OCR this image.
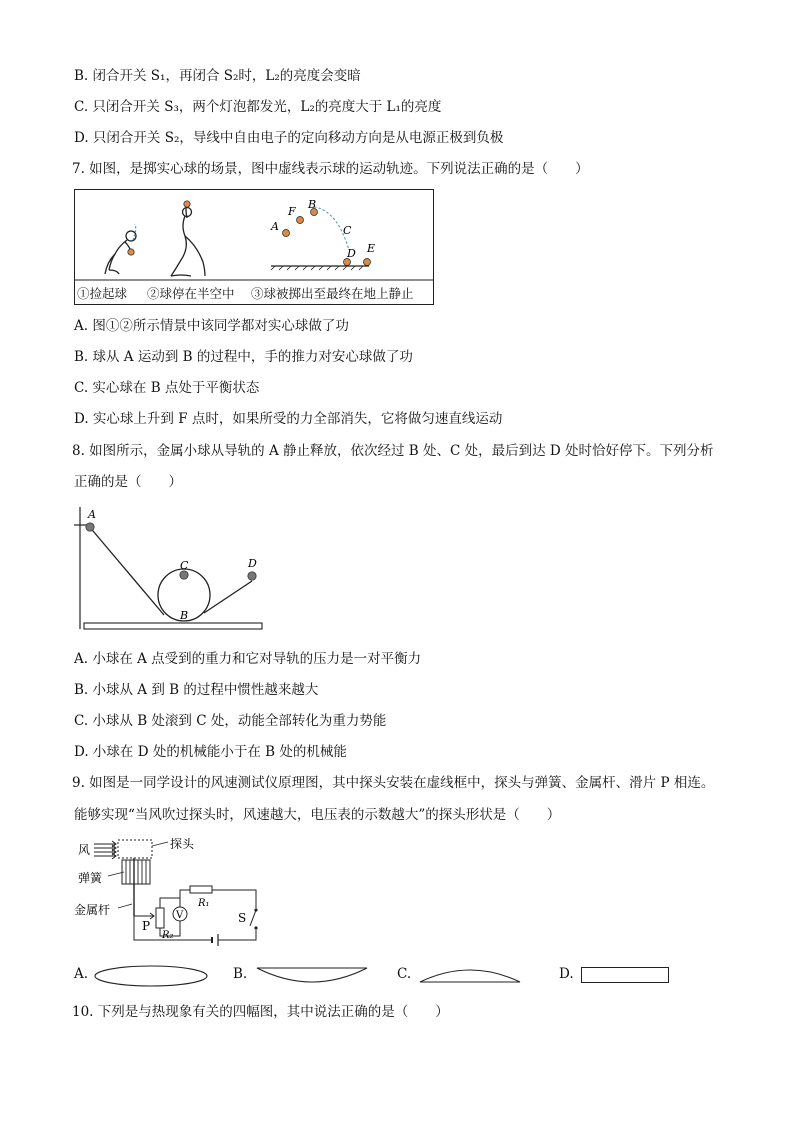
B. 闭合开关 S₁，再闭合 S₂时，L₂的亮度会变暗
C. 只闭合开关 S₃，两个灯泡都发光，L₂的亮度大于 L₁的亮度
D. 只闭合开关 S₂，导线中自由电子的定向移动方向是从电源正极到负极
7. 如图，是掷实心球的场景，图中虚线表示球的运动轨迹。下列说法正确的是（　　）
A
F
B
C
D E
①捡起球 ②球停在半空中 ③球被掷出至最终在地上静止
A. 图①②所示情景中该同学都对实心球做了功
B. 球从 A 运动到 B 的过程中，手的推力对安心球做了功
C. 实心球在 B 点处于平衡状态
D. 实心球上升到 F 点时，如果所受的力全部消失，它将做匀速直线运动
8. 如图所示，金属小球从导轨的 A 静止释放，依次经过 B 处、C 处，最后到达 D 处时恰好停下。下列分析
正确的是（　　）
A
B
C	D
A. 小球在 A 点受到的重力和它对导轨的压力是一对平衡力
B. 小球从 A 到 B 的过程中惯性越来越大
C. 小球从 B 处滚到 C 处，动能全部转化为重力势能
D. 小球在 D 处的机械能小于在 B 处的机械能
9. 如图是一同学设计的风速测试仪原理图，其中探头安装在虚线框中，探头与弹簧、金属杆、滑片 P 相连。
能够实现“当风吹过探头时，风速越大，电压表的示数越大”的探头形状是（　　）
风	探头
弹簧
金属杆
P
R₂
V
R₁
S
A.	B.	C.	D.
10. 下列是与热现象有关的四幅图，其中说法正确的是（　　）
